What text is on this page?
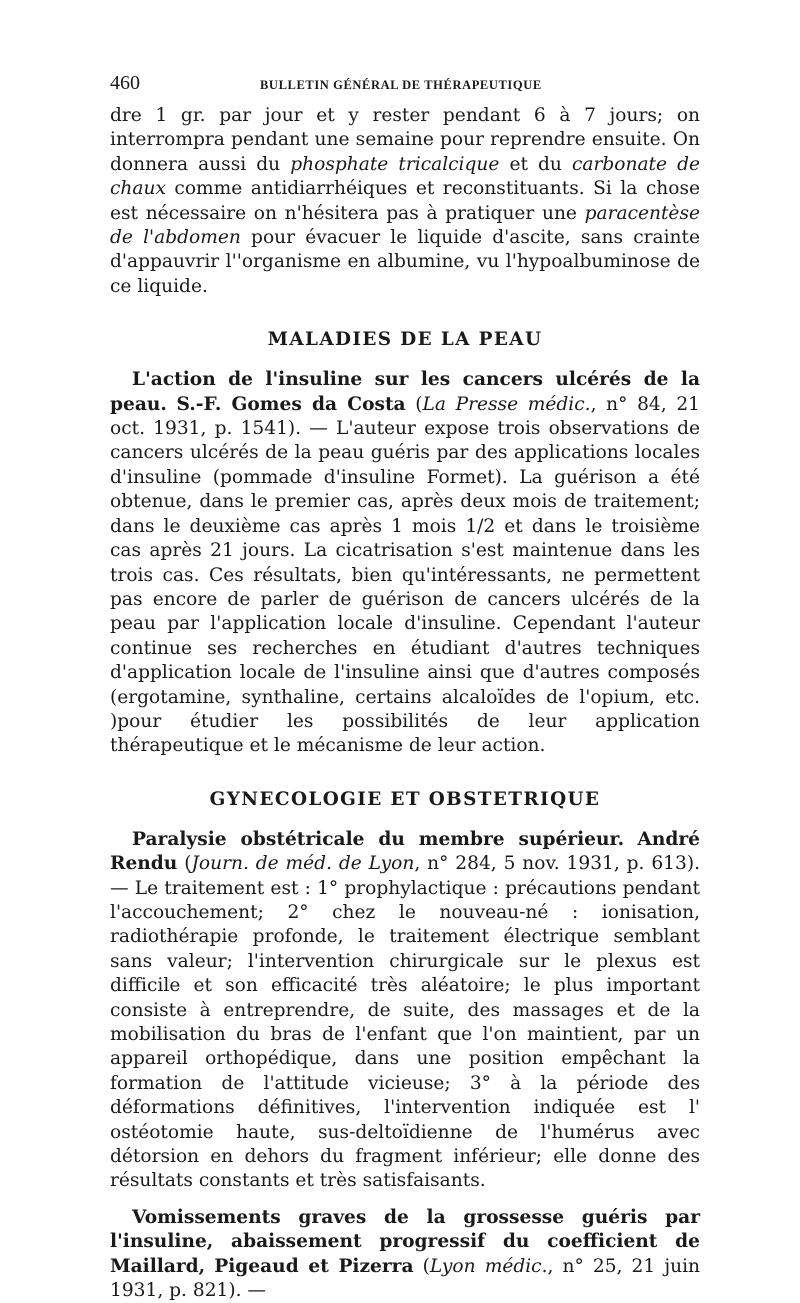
460	BULLETIN GÉNÉRAL DE THÉRAPEUTIQUE

dre 1 gr. par jour et y rester pendant 6 à 7 jours; on interrompra pendant une semaine pour reprendre ensuite. On donnera aussi du phosphate tricalcique et du carbonate de chaux comme antidiarrhéiques et reconstituants. Si la chose est nécessaire on n'hésitera pas à pratiquer une paracentèse de l'abdomen pour évacuer le liquide d'ascite, sans crainte d'appauvrir l''organisme en albumine, vu l'hypoalbuminose de ce liquide.

MALADIES DE LA PEAU

L'action de l'insuline sur les cancers ulcérés de la peau. S.-F. Gomes da Costa (La Presse médic., n° 84, 21 oct. 1931, p. 1541). — L'auteur expose trois observations de cancers ulcérés de la peau guéris par des applications locales d'insuline (pommade d'insuline Formet). La guérison a été obtenue, dans le premier cas, après deux mois de traitement; dans le deuxième cas après 1 mois 1/2 et dans le troisième cas après 21 jours. La cicatrisation s'est maintenue dans les trois cas. Ces résultats, bien qu'intéressants, ne permettent pas encore de parler de guérison de cancers ulcérés de la peau par l'application locale d'insuline. Cependant l'auteur continue ses recherches en étudiant d'autres techniques d'application locale de l'insuline ainsi que d'autres composés (ergotamine, synthaline, certains alcaloïdes de l'opium, etc. )pour étudier les possibilités de leur application thérapeutique et le mécanisme de leur action.

GYNECOLOGIE ET OBSTETRIQUE

Paralysie obstétricale du membre supérieur. André Rendu (Journ. de méd. de Lyon, n° 284, 5 nov. 1931, p. 613). — Le traitement est : 1° prophylactique : précautions pendant l'accouchement; 2° chez le nouveau-né : ionisation, radiothérapie profonde, le traitement électrique semblant sans valeur; l'intervention chirurgicale sur le plexus est difficile et son efficacité très aléatoire; le plus important consiste à entreprendre, de suite, des massages et de la mobilisation du bras de l'enfant que l'on maintient, par un appareil orthopédique, dans une position empêchant la formation de l'attitude vicieuse; 3° à la période des déformations définitives, l'intervention indiquée est l' ostéotomie haute, sus-deltoïdienne de l'humérus avec détorsion en dehors du fragment inférieur; elle donne des résultats constants et très satisfaisants.

Vomissements graves de la grossesse guéris par l'insuline, abaissement progressif du coefficient de Maillard, Pigeaud et Pizerra (Lyon médic., n° 25, 21 juin 1931, p. 821). —
